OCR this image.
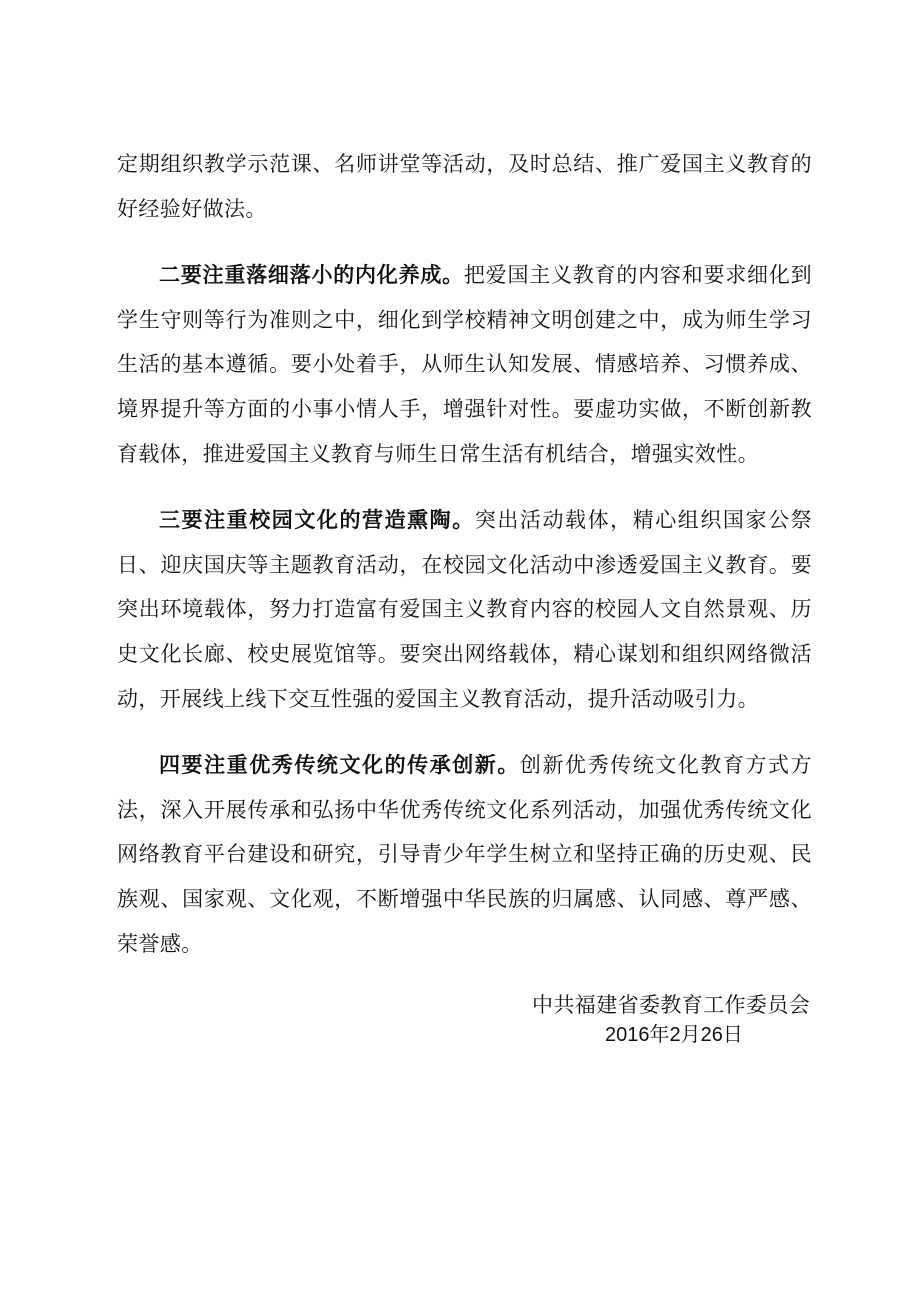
定期组织教学示范课、名师讲堂等活动，及时总结、推广爱国主义教育的好经验好做法。

二要注重落细落小的内化养成。把爱国主义教育的内容和要求细化到学生守则等行为准则之中，细化到学校精神文明创建之中，成为师生学习生活的基本遵循。要小处着手，从师生认知发展、情感培养、习惯养成、境界提升等方面的小事小情人手，增强针对性。要虚功实做，不断创新教育载体，推进爱国主义教育与师生日常生活有机结合，增强实效性。

三要注重校园文化的营造熏陶。突出活动载体，精心组织国家公祭日、迎庆国庆等主题教育活动，在校园文化活动中渗透爱国主义教育。要突出环境载体，努力打造富有爱国主义教育内容的校园人文自然景观、历史文化长廊、校史展览馆等。要突出网络载体，精心谋划和组织网络微活动，开展线上线下交互性强的爱国主义教育活动，提升活动吸引力。

四要注重优秀传统文化的传承创新。创新优秀传统文化教育方式方法，深入开展传承和弘扬中华优秀传统文化系列活动，加强优秀传统文化网络教育平台建设和研究，引导青少年学生树立和坚持正确的历史观、民族观、国家观、文化观，不断增强中华民族的归属感、认同感、尊严感、荣誉感。

中共福建省委教育工作委员会
2016年2月26日
